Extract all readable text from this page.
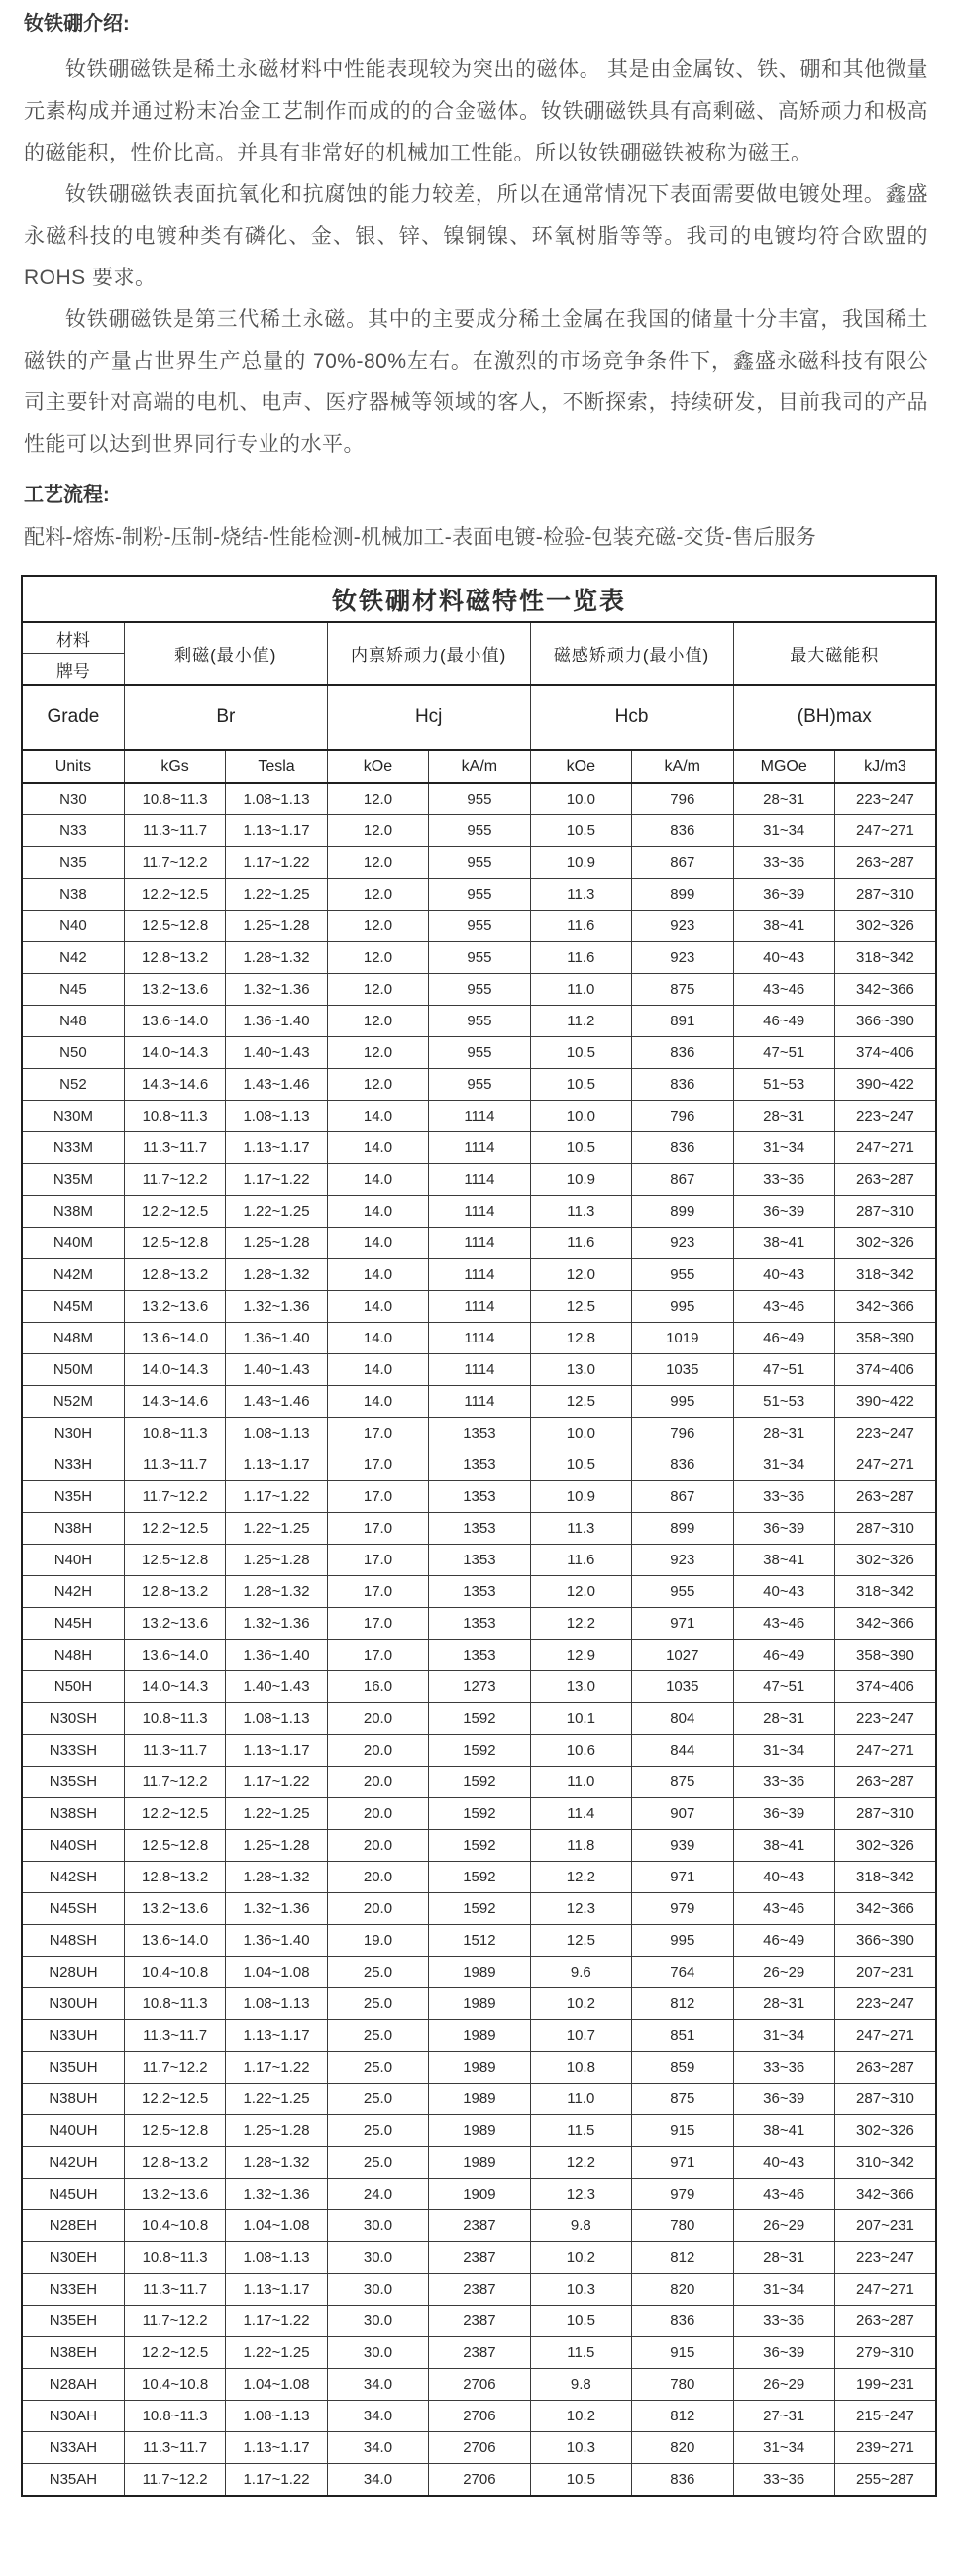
钕铁硼介绍:

钕铁硼磁铁是稀土永磁材料中性能表现较为突出的磁体。 其是由金属钕、铁、硼和其他微量元素构成并通过粉末冶金工艺制作而成的的合金磁体。钕铁硼磁铁具有高剩磁、高矫顽力和极高的磁能积，性价比高。并具有非常好的机械加工性能。所以钕铁硼磁铁被称为磁王。

钕铁硼磁铁表面抗氧化和抗腐蚀的能力较差，所以在通常情况下表面需要做电镀处理。鑫盛永磁科技的电镀种类有磷化、金、银、锌、镍铜镍、环氧树脂等等。我司的电镀均符合欧盟的 ROHS 要求。

钕铁硼磁铁是第三代稀土永磁。其中的主要成分稀土金属在我国的储量十分丰富，我国稀土磁铁的产量占世界生产总量的 70%-80%左右。在激烈的市场竞争条件下，鑫盛永磁科技有限公司主要针对高端的电机、电声、医疗器械等领域的客人，不断探索，持续研发，目前我司的产品性能可以达到世界同行专业的水平。

工艺流程:

配料-熔炼-制粉-压制-烧结-性能检测-机械加工-表面电镀-检验-包装充磁-交货-售后服务

钕铁硼材料磁特性一览表								
材料	剩磁(最小值)		内禀矫顽力(最小值)		磁感矫顽力(最小值)		最大磁能积	
牌号								
Grade	Br		Hcj		Hcb		(BH)max	
Units	kGs	Tesla	kOe	kA/m	kOe	kA/m	MGOe	kJ/m3
N30	10.8~11.3	1.08~1.13	12.0	955	10.0	796	28~31	223~247
N33	11.3~11.7	1.13~1.17	12.0	955	10.5	836	31~34	247~271
N35	11.7~12.2	1.17~1.22	12.0	955	10.9	867	33~36	263~287
N38	12.2~12.5	1.22~1.25	12.0	955	11.3	899	36~39	287~310
N40	12.5~12.8	1.25~1.28	12.0	955	11.6	923	38~41	302~326
N42	12.8~13.2	1.28~1.32	12.0	955	11.6	923	40~43	318~342
N45	13.2~13.6	1.32~1.36	12.0	955	11.0	875	43~46	342~366
N48	13.6~14.0	1.36~1.40	12.0	955	11.2	891	46~49	366~390
N50	14.0~14.3	1.40~1.43	12.0	955	10.5	836	47~51	374~406
N52	14.3~14.6	1.43~1.46	12.0	955	10.5	836	51~53	390~422
N30M	10.8~11.3	1.08~1.13	14.0	1114	10.0	796	28~31	223~247
N33M	11.3~11.7	1.13~1.17	14.0	1114	10.5	836	31~34	247~271
N35M	11.7~12.2	1.17~1.22	14.0	1114	10.9	867	33~36	263~287
N38M	12.2~12.5	1.22~1.25	14.0	1114	11.3	899	36~39	287~310
N40M	12.5~12.8	1.25~1.28	14.0	1114	11.6	923	38~41	302~326
N42M	12.8~13.2	1.28~1.32	14.0	1114	12.0	955	40~43	318~342
N45M	13.2~13.6	1.32~1.36	14.0	1114	12.5	995	43~46	342~366
N48M	13.6~14.0	1.36~1.40	14.0	1114	12.8	1019	46~49	358~390
N50M	14.0~14.3	1.40~1.43	14.0	1114	13.0	1035	47~51	374~406
N52M	14.3~14.6	1.43~1.46	14.0	1114	12.5	995	51~53	390~422
N30H	10.8~11.3	1.08~1.13	17.0	1353	10.0	796	28~31	223~247
N33H	11.3~11.7	1.13~1.17	17.0	1353	10.5	836	31~34	247~271
N35H	11.7~12.2	1.17~1.22	17.0	1353	10.9	867	33~36	263~287
N38H	12.2~12.5	1.22~1.25	17.0	1353	11.3	899	36~39	287~310
N40H	12.5~12.8	1.25~1.28	17.0	1353	11.6	923	38~41	302~326
N42H	12.8~13.2	1.28~1.32	17.0	1353	12.0	955	40~43	318~342
N45H	13.2~13.6	1.32~1.36	17.0	1353	12.2	971	43~46	342~366
N48H	13.6~14.0	1.36~1.40	17.0	1353	12.9	1027	46~49	358~390
N50H	14.0~14.3	1.40~1.43	16.0	1273	13.0	1035	47~51	374~406
N30SH	10.8~11.3	1.08~1.13	20.0	1592	10.1	804	28~31	223~247
N33SH	11.3~11.7	1.13~1.17	20.0	1592	10.6	844	31~34	247~271
N35SH	11.7~12.2	1.17~1.22	20.0	1592	11.0	875	33~36	263~287
N38SH	12.2~12.5	1.22~1.25	20.0	1592	11.4	907	36~39	287~310
N40SH	12.5~12.8	1.25~1.28	20.0	1592	11.8	939	38~41	302~326
N42SH	12.8~13.2	1.28~1.32	20.0	1592	12.2	971	40~43	318~342
N45SH	13.2~13.6	1.32~1.36	20.0	1592	12.3	979	43~46	342~366
N48SH	13.6~14.0	1.36~1.40	19.0	1512	12.5	995	46~49	366~390
N28UH	10.4~10.8	1.04~1.08	25.0	1989	9.6	764	26~29	207~231
N30UH	10.8~11.3	1.08~1.13	25.0	1989	10.2	812	28~31	223~247
N33UH	11.3~11.7	1.13~1.17	25.0	1989	10.7	851	31~34	247~271
N35UH	11.7~12.2	1.17~1.22	25.0	1989	10.8	859	33~36	263~287
N38UH	12.2~12.5	1.22~1.25	25.0	1989	11.0	875	36~39	287~310
N40UH	12.5~12.8	1.25~1.28	25.0	1989	11.5	915	38~41	302~326
N42UH	12.8~13.2	1.28~1.32	25.0	1989	12.2	971	40~43	310~342
N45UH	13.2~13.6	1.32~1.36	24.0	1909	12.3	979	43~46	342~366
N28EH	10.4~10.8	1.04~1.08	30.0	2387	9.8	780	26~29	207~231
N30EH	10.8~11.3	1.08~1.13	30.0	2387	10.2	812	28~31	223~247
N33EH	11.3~11.7	1.13~1.17	30.0	2387	10.3	820	31~34	247~271
N35EH	11.7~12.2	1.17~1.22	30.0	2387	10.5	836	33~36	263~287
N38EH	12.2~12.5	1.22~1.25	30.0	2387	11.5	915	36~39	279~310
N28AH	10.4~10.8	1.04~1.08	34.0	2706	9.8	780	26~29	199~231
N30AH	10.8~11.3	1.08~1.13	34.0	2706	10.2	812	27~31	215~247
N33AH	11.3~11.7	1.13~1.17	34.0	2706	10.3	820	31~34	239~271
N35AH	11.7~12.2	1.17~1.22	34.0	2706	10.5	836	33~36	255~287
